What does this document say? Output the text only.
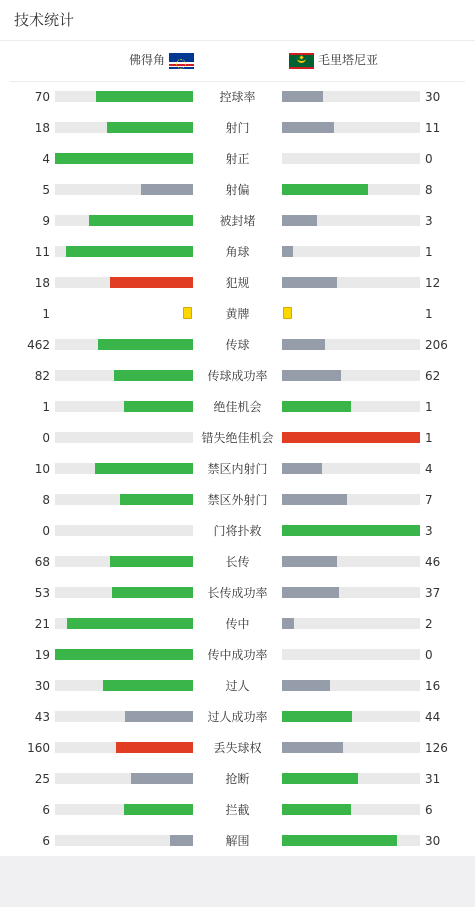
技术统计
佛得角	毛里塔尼亚
70	控球率	30
18	射门	11
4	射正	0
5	射偏	8
9	被封堵	3
11	角球	1
18	犯规	12
1	黄牌	1
462	传球	206
82	传球成功率	62
1	绝佳机会	1
0	错失绝佳机会	1
10	禁区内射门	4
8	禁区外射门	7
0	门将扑救	3
68	长传	46
53	长传成功率	37
21	传中	2
19	传中成功率	0
30	过人	16
43	过人成功率	44
160	丢失球权	126
25	抢断	31
6	拦截	6
6	解围	30
